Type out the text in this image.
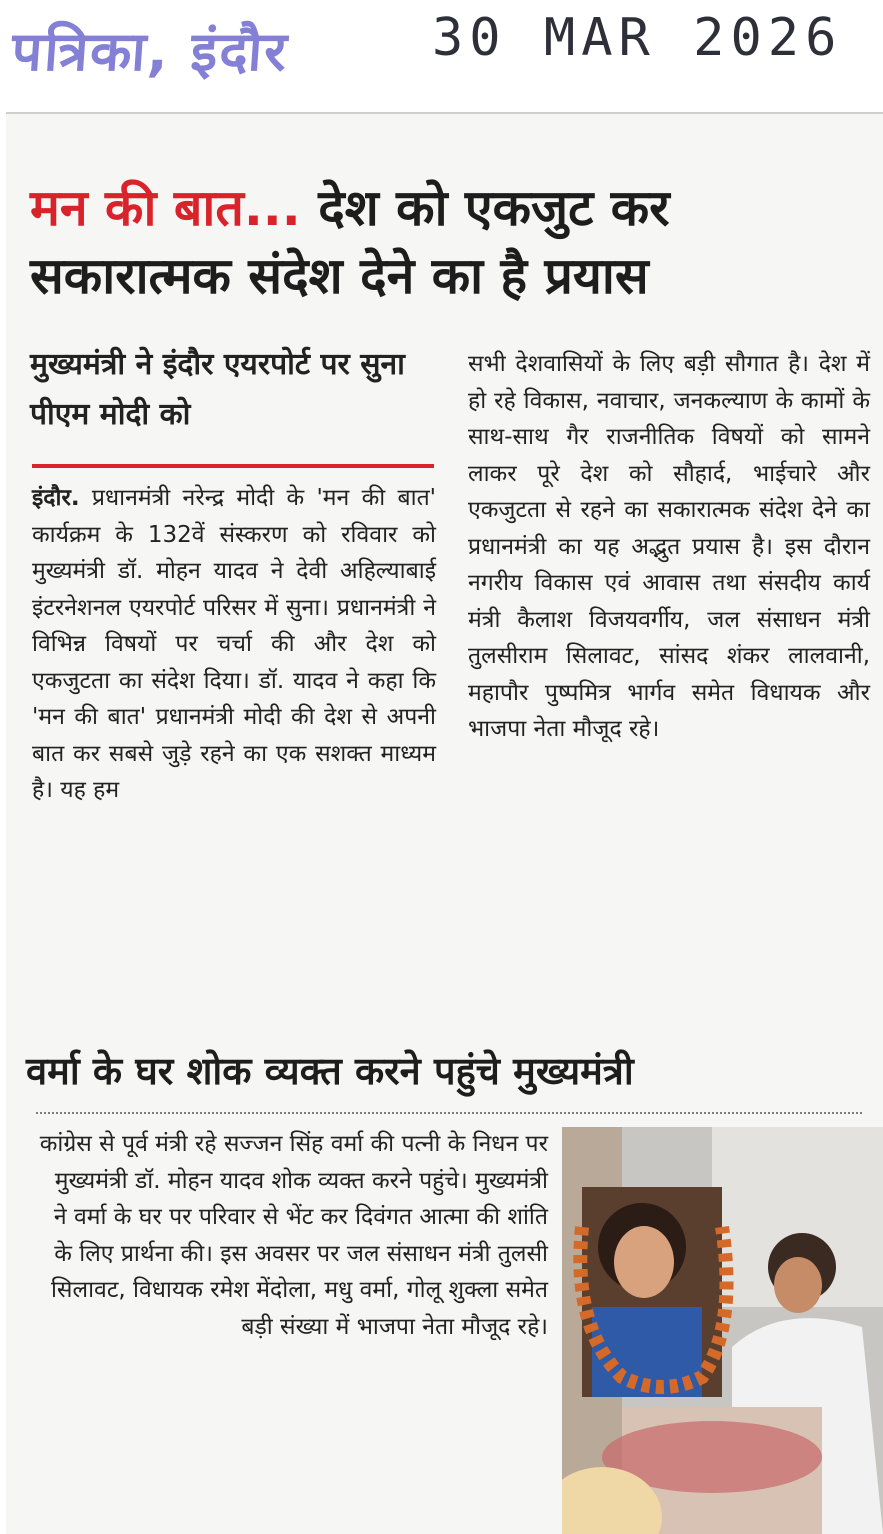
पत्रिका, इंदौर	30 MAR 2026
मन की बात... देश को एकजुट कर सकारात्मक संदेश देने का है प्रयास
मुख्यमंत्री ने इंदौर एयरपोर्ट पर सुना पीएम मोदी को

इंदौर. प्रधानमंत्री नरेन्द्र मोदी के 'मन की बात' कार्यक्रम के 132वें संस्करण को रविवार को मुख्यमंत्री डॉ. मोहन यादव ने देवी अहिल्याबाई इंटरनेशनल एयरपोर्ट परिसर में सुना। प्रधानमंत्री ने विभिन्न विषयों पर चर्चा की और देश को एकजुटता का संदेश दिया। डॉ. यादव ने कहा कि 'मन की बात' प्रधानमंत्री मोदी की देश से अपनी बात कर सबसे जुड़े रहने का एक सशक्त माध्यम है। यह हम

सभी देशवासियों के लिए बड़ी सौगात है। देश में हो रहे विकास, नवाचार, जनकल्याण के कामों के साथ-साथ गैर राजनीतिक विषयों को सामने लाकर पूरे देश को सौहार्द, भाईचारे और एकजुटता से रहने का सकारात्मक संदेश देने का प्रधानमंत्री का यह अद्भुत प्रयास है। इस दौरान नगरीय विकास एवं आवास तथा संसदीय कार्य मंत्री कैलाश विजयवर्गीय, जल संसाधन मंत्री तुलसीराम सिलावट, सांसद शंकर लालवानी, महापौर पुष्पमित्र भार्गव समेत विधायक और भाजपा नेता मौजूद रहे।

वर्मा के घर शोक व्यक्त करने पहुंचे मुख्यमंत्री

कांग्रेस से पूर्व मंत्री रहे सज्जन सिंह वर्मा की पत्नी के निधन पर मुख्यमंत्री डॉ. मोहन यादव शोक व्यक्त करने पहुंचे। मुख्यमंत्री ने वर्मा के घर पर परिवार से भेंट कर दिवंगत आत्मा की शांति के लिए प्रार्थना की। इस अवसर पर जल संसाधन मंत्री तुलसी सिलावट, विधायक रमेश मेंदोला, मधु वर्मा, गोलू शुक्ला समेत बड़ी संख्या में भाजपा नेता मौजूद रहे।
